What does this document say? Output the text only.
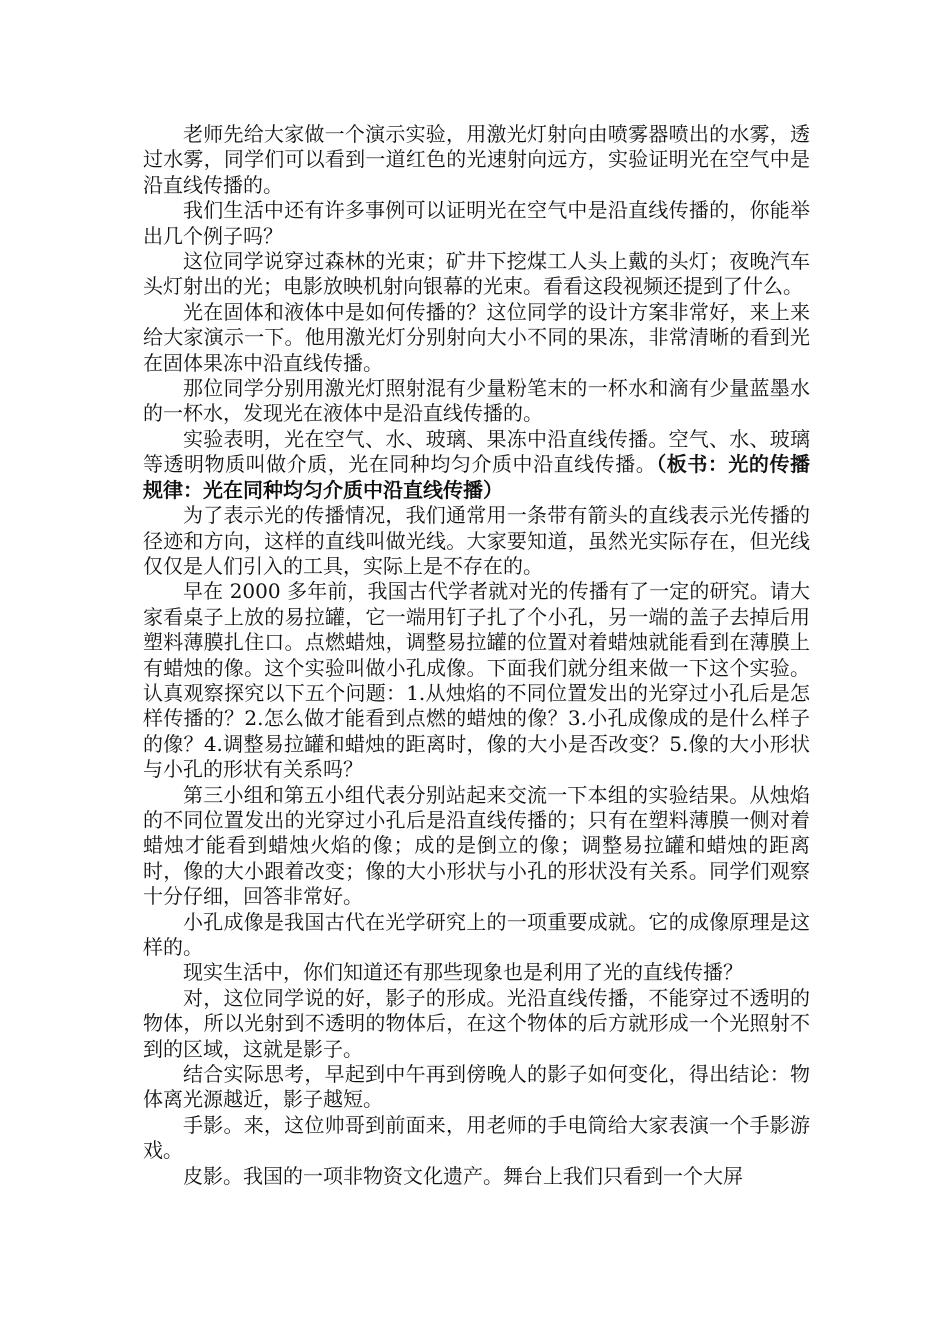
老师先给大家做一个演示实验，用激光灯射向由喷雾器喷出的水雾，透过水雾，同学们可以看到一道红色的光速射向远方，实验证明光在空气中是沿直线传播的。

我们生活中还有许多事例可以证明光在空气中是沿直线传播的，你能举出几个例子吗？

这位同学说穿过森林的光束；矿井下挖煤工人头上戴的头灯；夜晚汽车头灯射出的光；电影放映机射向银幕的光束。看看这段视频还提到了什么。

光在固体和液体中是如何传播的？这位同学的设计方案非常好，来上来给大家演示一下。他用激光灯分别射向大小不同的果冻，非常清晰的看到光在固体果冻中沿直线传播。

那位同学分别用激光灯照射混有少量粉笔末的一杯水和滴有少量蓝墨水的一杯水，发现光在液体中是沿直线传播的。

实验表明，光在空气、水、玻璃、果冻中沿直线传播。空气、水、玻璃等透明物质叫做介质，光在同种均匀介质中沿直线传播。（板书：光的传播规律：光在同种均匀介质中沿直线传播）

为了表示光的传播情况，我们通常用一条带有箭头的直线表示光传播的径迹和方向，这样的直线叫做光线。大家要知道，虽然光实际存在，但光线仅仅是人们引入的工具，实际上是不存在的。

早在 2000 多年前，我国古代学者就对光的传播有了一定的研究。请大家看桌子上放的易拉罐，它一端用钉子扎了个小孔，另一端的盖子去掉后用塑料薄膜扎住口。点燃蜡烛，调整易拉罐的位置对着蜡烛就能看到在薄膜上有蜡烛的像。这个实验叫做小孔成像。下面我们就分组来做一下这个实验。认真观察探究以下五个问题：1.从烛焰的不同位置发出的光穿过小孔后是怎样传播的？2.怎么做才能看到点燃的蜡烛的像？3.小孔成像成的是什么样子的像？4.调整易拉罐和蜡烛的距离时，像的大小是否改变？5.像的大小形状与小孔的形状有关系吗？

第三小组和第五小组代表分别站起来交流一下本组的实验结果。从烛焰的不同位置发出的光穿过小孔后是沿直线传播的；只有在塑料薄膜一侧对着蜡烛才能看到蜡烛火焰的像；成的是倒立的像；调整易拉罐和蜡烛的距离时，像的大小跟着改变；像的大小形状与小孔的形状没有关系。同学们观察十分仔细，回答非常好。

小孔成像是我国古代在光学研究上的一项重要成就。它的成像原理是这样的。

现实生活中，你们知道还有那些现象也是利用了光的直线传播？

对，这位同学说的好，影子的形成。光沿直线传播，不能穿过不透明的物体，所以光射到不透明的物体后，在这个物体的后方就形成一个光照射不到的区域，这就是影子。

结合实际思考，早起到中午再到傍晚人的影子如何变化，得出结论：物体离光源越近，影子越短。

手影。来，这位帅哥到前面来，用老师的手电筒给大家表演一个手影游戏。

皮影。我国的一项非物资文化遗产。舞台上我们只看到一个大屏
